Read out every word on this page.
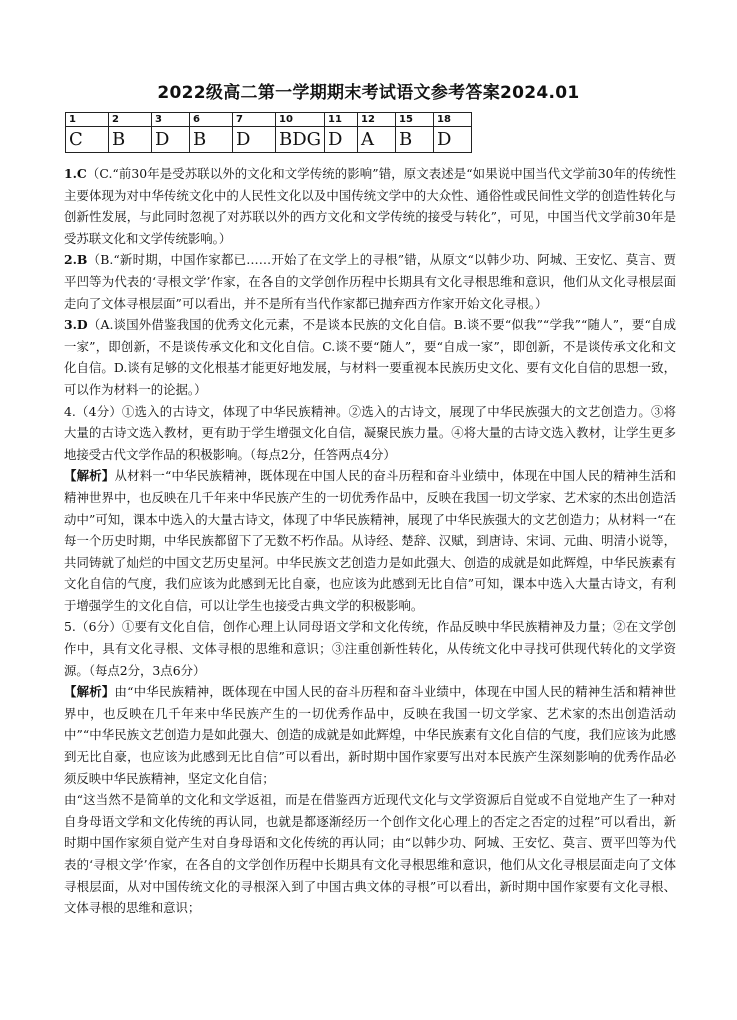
2022级高二第一学期期末考试语文参考答案2024.01
1	2	3	6	7	10	11	12	15	18
C	B	D	B	D	BDG	D	A	B	D

1.C（C.“前30年是受苏联以外的文化和文学传统的影响”错，原文表述是“如果说中国当代文学前30年的传统性主要体现为对中华传统文化中的人民性文化以及中国传统文学中的大众性、通俗性或民间性文学的创造性转化与创新性发展，与此同时忽视了对苏联以外的西方文化和文学传统的接受与转化”，可见，中国当代文学前30年是受苏联文化和文学传统影响。）

2.B（B.“新时期，中国作家都已……开始了在文学上的寻根”错，从原文“以韩少功、阿城、王安忆、莫言、贾平凹等为代表的‘寻根文学’作家，在各自的文学创作历程中长期具有文化寻根思维和意识，他们从文化寻根层面走向了文体寻根层面”可以看出，并不是所有当代作家都已抛弃西方作家开始文化寻根。）

3.D（A.谈国外借鉴我国的优秀文化元素，不是谈本民族的文化自信。B.谈不要“似我”“学我”“随人”，要“自成一家”，即创新，不是谈传承文化和文化自信。C.谈不要“随人”，要“自成一家”，即创新，不是谈传承文化和文化自信。D.谈有足够的文化根基才能更好地发展，与材料一要重视本民族历史文化、要有文化自信的思想一致，可以作为材料一的论据。）

4.（4分）①选入的古诗文，体现了中华民族精神。②选入的古诗文，展现了中华民族强大的文艺创造力。③将大量的古诗文选入教材，更有助于学生增强文化自信，凝聚民族力量。④将大量的古诗文选入教材，让学生更多地接受古代文学作品的积极影响。（每点2分，任答两点4分）

【解析】从材料一“中华民族精神，既体现在中国人民的奋斗历程和奋斗业绩中，体现在中国人民的精神生活和精神世界中，也反映在几千年来中华民族产生的一切优秀作品中，反映在我国一切文学家、艺术家的杰出创造活动中”可知，课本中选入的大量古诗文，体现了中华民族精神，展现了中华民族强大的文艺创造力；从材料一“在每一个历史时期，中华民族都留下了无数不朽作品。从诗经、楚辞、汉赋，到唐诗、宋词、元曲、明清小说等，共同铸就了灿烂的中国文艺历史星河。中华民族文艺创造力是如此强大、创造的成就是如此辉煌，中华民族素有文化自信的气度，我们应该为此感到无比自豪，也应该为此感到无比自信”可知，课本中选入大量古诗文，有利于增强学生的文化自信，可以让学生也接受古典文学的积极影响。

5.（6分）①要有文化自信，创作心理上认同母语文学和文化传统，作品反映中华民族精神及力量；②在文学创作中，具有文化寻根、文体寻根的思维和意识；③注重创新性转化，从传统文化中寻找可供现代转化的文学资源。（每点2分，3点6分）

【解析】由“中华民族精神，既体现在中国人民的奋斗历程和奋斗业绩中，体现在中国人民的精神生活和精神世界中，也反映在几千年来中华民族产生的一切优秀作品中，反映在我国一切文学家、艺术家的杰出创造活动中”“中华民族文艺创造力是如此强大、创造的成就是如此辉煌，中华民族素有文化自信的气度，我们应该为此感到无比自豪，也应该为此感到无比自信”可以看出，新时期中国作家要写出对本民族产生深刻影响的优秀作品必须反映中华民族精神，坚定文化自信；

由“这当然不是简单的文化和文学返祖，而是在借鉴西方近现代文化与文学资源后自觉或不自觉地产生了一种对自身母语文学和文化传统的再认同，也就是都逐渐经历一个创作文化心理上的否定之否定的过程”可以看出，新时期中国作家须自觉产生对自身母语和文化传统的再认同；由“以韩少功、阿城、王安忆、莫言、贾平凹等为代表的‘寻根文学’作家，在各自的文学创作历程中长期具有文化寻根思维和意识，他们从文化寻根层面走向了文体寻根层面，从对中国传统文化的寻根深入到了中国古典文体的寻根”可以看出，新时期中国作家要有文化寻根、文体寻根的思维和意识；
